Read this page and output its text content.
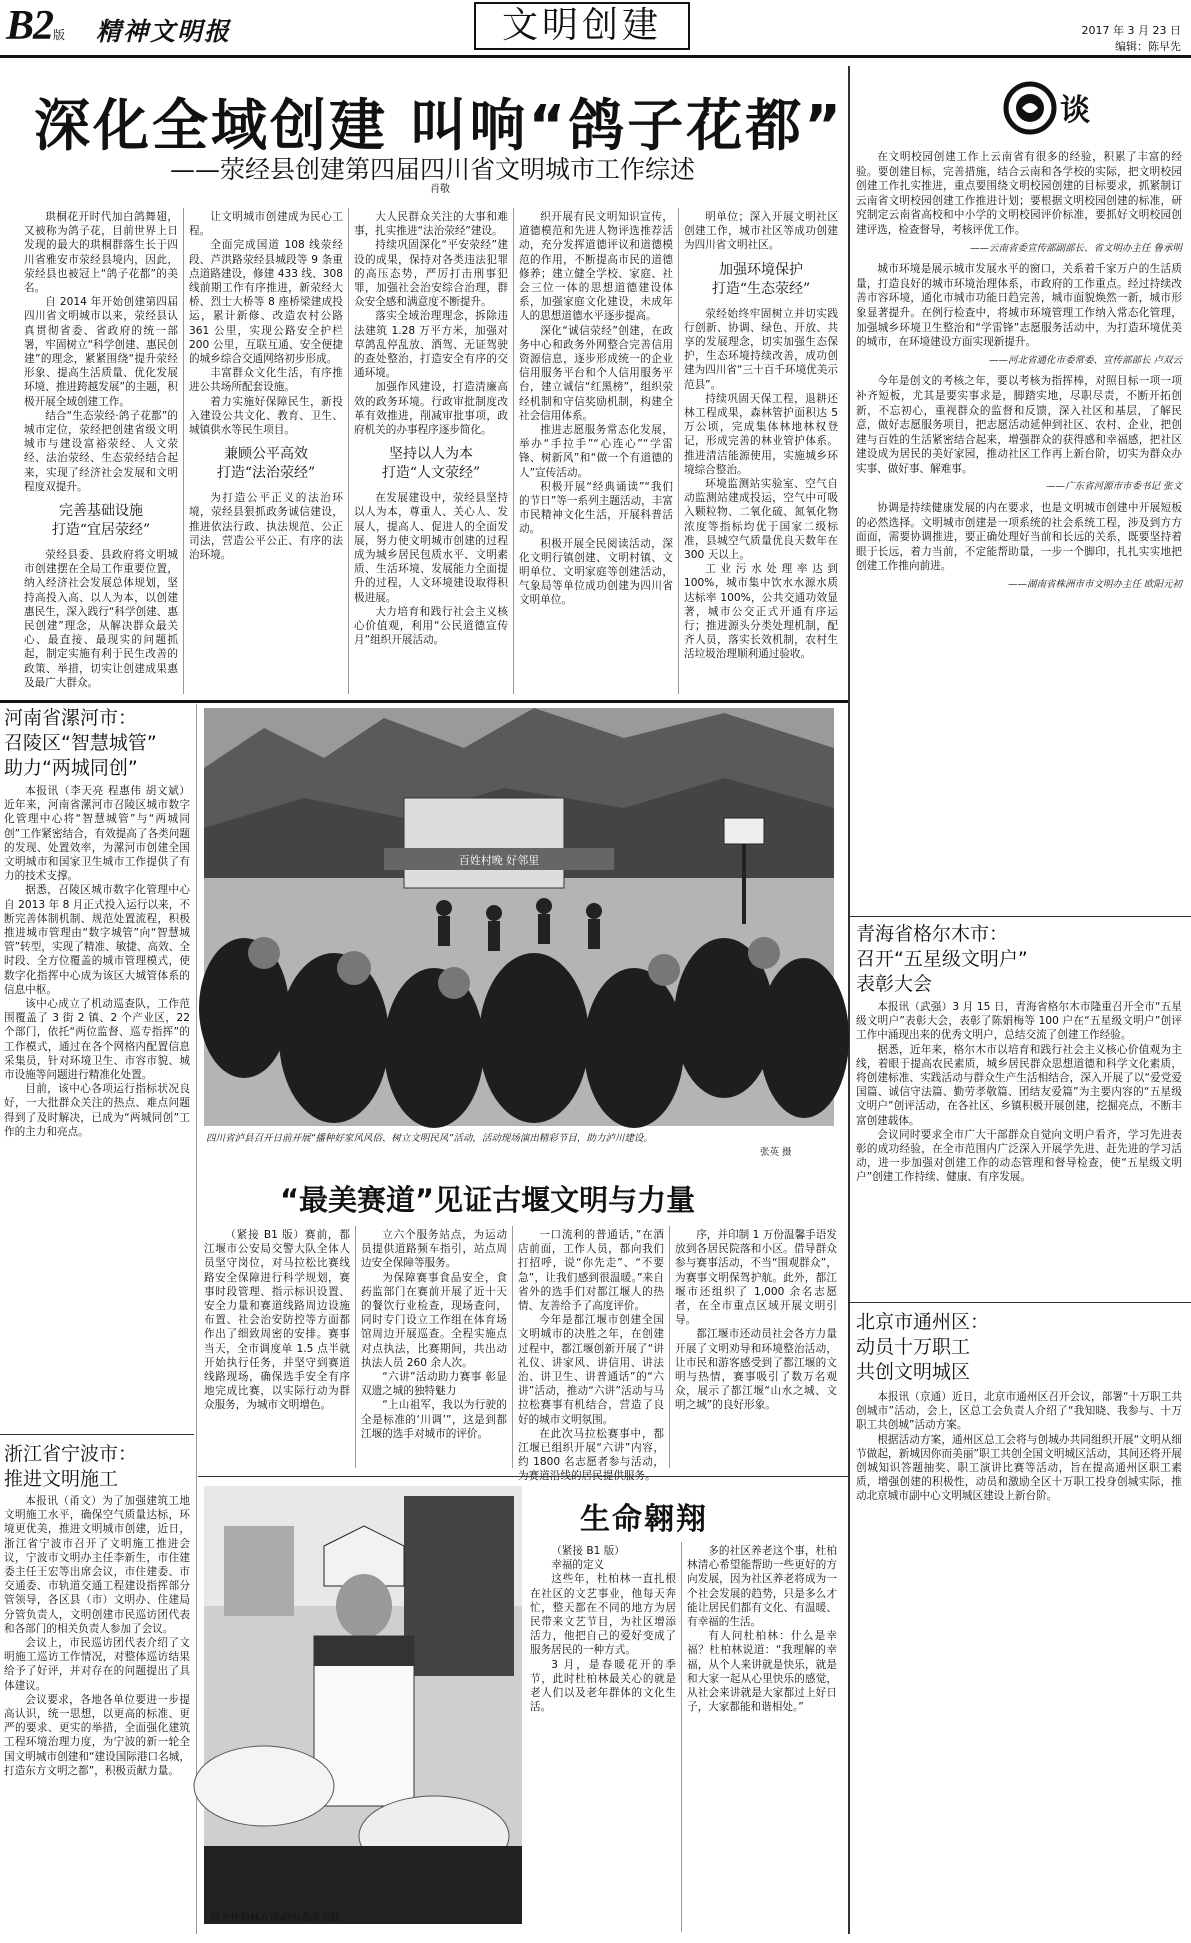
B2版 精神文明报	文明创建	2017 年 3 月 23 日
编辑：陈早先
深化全域创建 叫响“鸽子花都”
——荥经县创建第四届四川省文明城市工作综述
肖敬

珙桐花开时代加白鸽舞翅，又被称为鸽子花，目前世界上日发现的最大的珙桐群落生长于四川省雅安市荥经县境内，因此，荥经县也被冠上“鸽子花都”的美名。

自 2014 年开始创建第四届四川省文明城市以来，荥经县认真贯彻省委、省政府的统一部署，牢固树立“科学创建、惠民创建”的理念，紧紧围绕“提升荥经形象、提高生活质量、优化发展环境、推进跨越发展”的主题，积极开展全域创建工作。

结合“生态荥经·鸽子花都”的城市定位，荥经把创建省级文明城市与建设富裕荥经、人文荥经、法治荥经、生态荥经结合起来，实现了经济社会发展和文明程度双提升。

完善基础设施
打造“宜居荥经”

荥经县委、县政府将文明城市创建摆在全局工作重要位置，纳入经济社会发展总体规划，坚持高投入高、以人为本，以创建惠民生，深入践行“科学创建、惠民创建”理念，从解决群众最关心、最直接、最现实的问题抓起，制定实施有利于民生改善的政策、举措，切实让创建成果惠及最广大群众。

让文明城市创建成为民心工程。

全面完成国道 108 线荥经段、芦洪路荥经县城段等 9 条重点道路建设，修建 433 线、308 线前期工作有序推进，新荥经大桥、烈士大桥等 8 座桥梁建成投运，累计新修、改造农村公路 361 公里，实现公路安全护栏 200 公里，互联互通、安全便捷的城乡综合交通网络初步形成。

丰富群众文化生活，有序推进公共场所配套设施。

着力实施好保障民生，新投入建设公共文化、教育、卫生、城镇供水等民生项目。

兼顾公平高效
打造“法治荥经”

为打造公平正义的法治环境，荥经县狠抓政务诚信建设，推进依法行政、执法规范、公正司法，营造公平公正、有序的法治环境。

大人民群众关注的大事和难事，扎实推进“法治荥经”建设。

持续巩固深化“平安荥经”建设的成果，保持对各类违法犯罪的高压态势，严厉打击刑事犯罪，加强社会治安综合治理，群众安全感和满意度不断提升。

落实全域治理理念，拆除违法建筑 1.28 万平方米，加强对草鸽乱停乱放、酒驾、无证驾驶的查处整治，打造安全有序的交通环境。

加强作风建设，打造清廉高效的政务环境。行政审批制度改革有效推进，削减审批事项，政府机关的办事程序逐步简化。

坚持以人为本
打造“人文荥经”

在发展建设中，荥经县坚持以人为本，尊重人、关心人、发展人，提高人、促进人的全面发展，努力使文明城市创建的过程成为城乡居民包质水平、文明素质、生活环境、发展能力全面提升的过程，人文环境建设取得积极进展。

大力培育和践行社会主义核心价值观，利用“公民道德宣传月”组织开展活动。

织开展有民文明知识宣传，道德模范和先进人物评选推荐活动，充分发挥道德评议和道德模范的作用，不断提高市民的道德修养；建立健全学校、家庭、社会三位一体的思想道德建设体系，加强家庭文化建设，未成年人的思想道德水平逐步提高。

深化“诚信荥经”创建，在政务中心和政务外网整合完善信用资源信息，逐步形成统一的企业信用服务平台和个人信用服务平台，建立诚信“红黑榜”，组织荥经机制和守信奖励机制，构建全社会信用体系。

推进志愿服务常态化发展，举办“手拉手”“心连心”“学雷锋、树新风”和“做一个有道德的人”宣传活动。

积极开展“经典诵读”“我们的节日”等一系列主题活动，丰富市民精神文化生活，开展科普活动。

积极开展全民阅读活动，深化文明行镇创建、文明村镇、文明单位、文明家庭等创建活动，气象局等单位成功创建为四川省文明单位。

明单位；深入开展文明社区创建工作，城市社区等成功创建为四川省文明社区。

加强环境保护
打造“生态荥经”

荥经始终牢固树立并切实践行创新、协调、绿色、开放、共享的发展理念，切实加强生态保护，生态环境持续改善，成功创建为四川省“三十百千环境优美示范县”。

持续巩固天保工程，退耕还林工程成果，森林管护面积达 5 万公顷，完成集体林地林权登记，形成完善的林业管护体系。推进清洁能源使用，实施城乡环境综合整治。

环境监测站实验室、空气自动监测站建成投运，空气中可吸入颗粒物、二氧化硫、氮氧化物浓度等指标均优于国家二级标准，县城空气质量优良天数年在 300 天以上。

工业污水处理率达到 100%，城市集中饮水水源水质达标率 100%，公共交通功效显著，城市公交正式开通有序运行；推进源头分类处理机制，配齐人员，落实长效机制，农村生活垃圾治理顺利通过验收。

谈

在文明校园创建工作上云南省有很多的经验，积累了丰富的经验。要创建目标，完善措施，结合云南和各学校的实际，把文明校园创建工作扎实推进，重点要围绕文明校园创建的目标要求，抓紧制订云南省文明校园创建工作推进计划；要根据文明校园创建的标准，研究制定云南省高校和中小学的文明校园评价标准，要抓好文明校园创建评选，检查督导，考核评优工作。

——云南省委宣传部副部长、省文明办主任 鲁承明

城市环境是展示城市发展水平的窗口，关系着千家万户的生活质量，打造良好的城市环境治理体系，市政府的工作重点。经过持续改善市容环境，通化市城市功能日趋完善，城市面貌焕然一新，城市形象显著提升。在例行检查中，将城市环境管理工作纳入常态化管理，加强城乡环境卫生整治和“学雷锋”志愿服务活动中，为打造环境优美的城市，在环境建设方面实现新提升。

——河北省通化市委常委、宣传部部长 卢双云

今年是创文的考核之年，要以考核为指挥棒，对照目标一项一项补齐短板，尤其是要实事求是，脚踏实地，尽职尽责，不断开拓创新，不忘初心，重视群众的监督和反馈，深入社区和基层，了解民意，做好志愿服务项目，把志愿活动延伸到社区、农村、企业，把创建与百姓的生活紧密结合起来，增强群众的获得感和幸福感，把社区建设成为居民的美好家园，推动社区工作再上新台阶，切实为群众办实事、做好事、解难事。

——广东省河源市市委书记 张文

协调是持续健康发展的内在要求，也是文明城市创建中开展短板的必然选择。文明城市创建是一项系统的社会系统工程，涉及到方方面面，需要协调推进，要正确处理好当前和长远的关系，既要坚持着眼于长远，着力当前，不定能帮助量，一步一个脚印，扎扎实实地把创建工作推向前进。

——湖南省株洲市市文明办主任 欧阳元初
青海省格尔木市：
召开“五星级文明户”
表彰大会

本报讯（武强）3 月 15 日，青海省格尔木市隆重召开全市“五星级文明户”表彰大会，表彰了陈娟梅等 100 户在“五星级文明户”创评工作中涌现出来的优秀文明户，总结交流了创建工作经验。

据悉，近年来，格尔木市以培育和践行社会主义核心价值观为主线，着眼于提高农民素质，城乡居民群众思想道德和科学文化素质，将创建标准、实践活动与群众生产生活相结合，深入开展了以“爱党爱国篇、诚信守法篇、勤劳孝敬篇、团结友爱篇”为主要内容的“五星级文明户”创评活动，在各社区、乡镇积极开展创建，挖掘亮点，不断丰富创建载体。

会议同时要求全市广大干部群众自觉向文明户看齐，学习先进表彰的成功经验，在全市范围内广泛深入开展学先进、赶先进的学习活动，进一步加强对创建工作的动态管理和督导检查，使“五星级文明户”创建工作持续、健康、有序发展。

北京市通州区：
动员十万职工
共创文明城区

本报讯（京通）近日，北京市通州区召开会议，部署“十万职工共创城市”活动，会上，区总工会负责人介绍了“我知晓、我参与、十万职工共创城”活动方案。

根据活动方案，通州区总工会将与创城办共同组织开展“文明从细节做起，新城因你而美丽”职工共创全国文明城区活动，其间还将开展创城知识答题抽奖、职工演讲比赛等活动，旨在提高通州区职工素质，增强创建的积极性，动员和激励全区十万职工投身创城实际，推动北京城市副中心文明城区建设上新台阶。

河南省漯河市：
召陵区“智慧城管”
助力“两城同创”

本报讯（李天亮 程惠伟 胡文斌）近年来，河南省漯河市召陵区城市数字化管理中心将“智慧城管”与“两城同创”工作紧密结合，有效提高了各类问题的发现、处置效率，为漯河市创建全国文明城市和国家卫生城市工作提供了有力的技术支撑。

据悉，召陵区城市数字化管理中心自 2013 年 8 月正式投入运行以来，不断完善体制机制、规范处置流程，积极推进城市管理由“数字城管”向“智慧城管”转型，实现了精准、敏捷、高效、全时段、全方位覆盖的城市管理模式，使数字化指挥中心成为该区大城管体系的信息中枢。

该中心成立了机动巡查队，工作范围覆盖了 3 街 2 镇、2 个产业区，22 个部门，依托“两位监督、巡专指挥”的工作模式，通过在各个网格内配置信息采集员，针对环境卫生、市容市貌、城市设施等问题进行精准化处置。

目前，该中心各项运行指标状况良好，一大批群众关注的热点、难点问题得到了及时解决，已成为“两城同创”工作的主力和亮点。

浙江省宁波市：
推进文明施工

本报讯（甬文）为了加强建筑工地文明施工水平，确保空气质量达标，环境更优美，推进文明城市创建，近日，浙江省宁波市召开了文明施工推进会议，宁波市文明办主任李新生，市住建委主任王宏等出席会议，市住建委、市交通委、市轨道交通工程建设指挥部分管领导，各区县（市）文明办、住建局分管负责人，文明创建市民巡访团代表和各部门的相关负责人参加了会议。

会议上，市民巡访团代表介绍了文明施工巡访工作情况，对整体巡访结果给予了好评，并对存在的问题提出了具体建议。

会议要求，各地各单位要进一步提高认识，统一思想，以更高的标准、更严的要求、更实的举措，全面强化建筑工程环境治理力度，为宁波的新一轮全国文明城市创建和“建设国际港口名城，打造东方文明之都”，积极贡献力量。

百姓村晚 好邻里
四川省泸县召开日前开展“播种好家风风俗、树立文明民风”活动，活动现场演出精彩节目，助力泸川建设。
张英 摄
“最美赛道”见证古堰文明与力量

（紧接 B1 版）赛前，都江堰市公安局交警大队全体人员坚守岗位，对马拉松比赛线路安全保障进行科学规划，赛事时段管理、指示标识设置、安全力量和赛道线路周边设施布置、社会治安防控等方面都作出了细致周密的安排。赛事当天，全市调度单 1.5 点半就开始执行任务，并坚守到赛道线路现场，确保选手安全有序地完成比赛，以实际行动为群众服务，为城市文明增色。

立六个服务站点，为运动员提供道路频车指引，站点周边安全保障等服务。

为保障赛事食品安全，食药监部门在赛前开展了近十天的餐饮行业检查，现场查问，同时专门设立工作组在体育场馆周边开展巡查。全程实施点对点执法，比赛期间，共出动执法人员 260 余人次。

“六讲”活动助力赛事 彰显双遗之城的独特魅力

“上山祖军，我以为行驶的全是标准的‘川调’”，这是到都江堰的选手对城市的评价。

一口流利的普通话，”在酒店前面，工作人员，都向我们打招呼，说“你先走”、“不要急”，让我们感到很温暖。”来自省外的选手们对都江堰人的热情、友善给予了高度评价。

今年是都江堰市创建全国文明城市的决胜之年，在创建过程中，都江堰创新开展了“讲礼仪、讲家风、讲信用、讲法治、讲卫生、讲普通话”的“六讲”活动，推动“六讲”活动与马拉松赛事有机结合，营造了良好的城市文明氛围。

在此次马拉松赛事中，都江堰已组织开展“六讲”内容，约 1800 名志愿者参与活动，为赛道沿线的居民提供服务。

序，并印制 1 万份温馨手语发放到各居民院落和小区。借导群众参与赛事活动，不当“围观群众”，为赛事文明保驾护航。此外，都江堰市还组织了 1,000 余名志愿者，在全市重点区域开展文明引导。

都江堰市还动员社会各方力量开展了文明劝导和环境整治活动，让市民和游客感受到了都江堰的文明与热情，赛事吸引了数万名观众，展示了都江堰“山水之城、文明之城”的良好形象。

图为杜柏林在活动中表演击鼓
生命翱翔

（紧接 B1 版）

幸福的定义

这些年，杜柏林一直扎根在社区的文艺事业，他每天奔忙，整天都在不同的地方为居民带来文艺节目，为社区增添活力，他把自己的爱好变成了服务居民的一种方式。

3 月，是春暖花开的季节，此时杜柏林最关心的就是老人们以及老年群体的文化生活。

多的社区养老这个事，杜柏林清心希望能帮助一些更好的方向发展，因为社区养老将成为一个社会发展的趋势，只是多么才能让居民们都有文化、有温暖、有幸福的生活。

有人问杜柏林：什么是幸福？杜柏林说道：“我理解的幸福，从个人来讲就是快乐，就是和大家一起从心里快乐的感觉，从社会来讲就是大家都过上好日子，大家都能和谐相处。”
